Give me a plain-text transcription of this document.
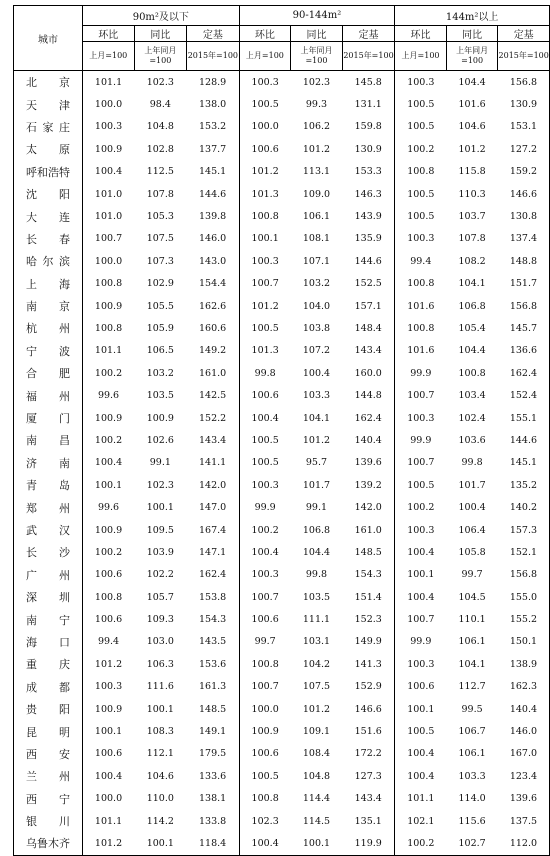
城市	90m²及以下			90-144m²			144m²以上		
	环比	同比	定基	环比	同比	定基	环比	同比	定基
	上月=100	上年同月=100	2015年=100	上月=100	上年同月=100	2015年=100	上月=100	上年同月=100	2015年=100

北京	101.1	102.3	128.9	100.3	102.3	145.8	100.3	104.4	156.8

天津	100.0	98.4	138.0	100.5	99.3	131.1	100.5	101.6	130.9

石家庄	100.3	104.8	153.2	100.0	106.2	159.8	100.5	104.6	153.1

太原	100.9	102.8	137.7	100.6	101.2	130.9	100.2	101.2	127.2

呼和浩特	100.4	112.5	145.1	101.2	113.1	153.3	100.8	115.8	159.2

沈阳	101.0	107.8	144.6	101.3	109.0	146.3	100.5	110.3	146.6

大连	101.0	105.3	139.8	100.8	106.1	143.9	100.5	103.7	130.8

长春	100.7	107.5	146.0	100.1	108.1	135.9	100.3	107.8	137.4

哈尔滨	100.0	107.3	143.0	100.3	107.1	144.6	99.4	108.2	148.8

上海	100.8	102.9	154.4	100.7	103.2	152.5	100.8	104.1	151.7

南京	100.9	105.5	162.6	101.2	104.0	157.1	101.6	106.8	156.8

杭州	100.8	105.9	160.6	100.5	103.8	148.4	100.8	105.4	145.7

宁波	101.1	106.5	149.2	101.3	107.2	143.4	101.6	104.4	136.6

合肥	100.2	103.2	161.0	99.8	100.4	160.0	99.9	100.8	162.4

福州	99.6	103.5	142.5	100.6	103.3	144.8	100.7	103.4	152.4

厦门	100.9	100.9	152.2	100.4	104.1	162.4	100.3	102.4	155.1

南昌	100.2	102.6	143.4	100.5	101.2	140.4	99.9	103.6	144.6

济南	100.4	99.1	141.1	100.5	95.7	139.6	100.7	99.8	145.1

青岛	100.1	102.3	142.0	100.3	101.7	139.2	100.5	101.7	135.2

郑州	99.6	100.1	147.0	99.9	99.1	142.0	100.2	100.4	140.2

武汉	100.9	109.5	167.4	100.2	106.8	161.0	100.3	106.4	157.3

长沙	100.2	103.9	147.1	100.4	104.4	148.5	100.4	105.8	152.1

广州	100.6	102.2	162.4	100.3	99.8	154.3	100.1	99.7	156.8

深圳	100.8	105.7	153.8	100.7	103.5	151.4	100.4	104.5	155.0

南宁	100.6	109.3	154.3	100.6	111.1	152.3	100.7	110.1	155.2

海口	99.4	103.0	143.5	99.7	103.1	149.9	99.9	106.1	150.1

重庆	101.2	106.3	153.6	100.8	104.2	141.3	100.3	104.1	138.9

成都	100.3	111.6	161.3	100.7	107.5	152.9	100.6	112.7	162.3

贵阳	100.9	100.1	148.5	100.0	101.2	146.6	100.1	99.5	140.4

昆明	100.1	108.3	149.1	100.9	109.1	151.6	100.5	106.7	146.0

西安	100.6	112.1	179.5	100.6	108.4	172.2	100.4	106.1	167.0

兰州	100.4	104.6	133.6	100.5	104.8	127.3	100.4	103.3	123.4

西宁	100.0	110.0	138.1	100.8	114.4	143.4	101.1	114.0	139.6

银川	101.1	114.2	133.8	102.3	114.5	135.1	102.1	115.6	137.5

乌鲁木齐	101.2	100.1	118.4	100.4	100.1	119.9	100.2	102.7	112.0
